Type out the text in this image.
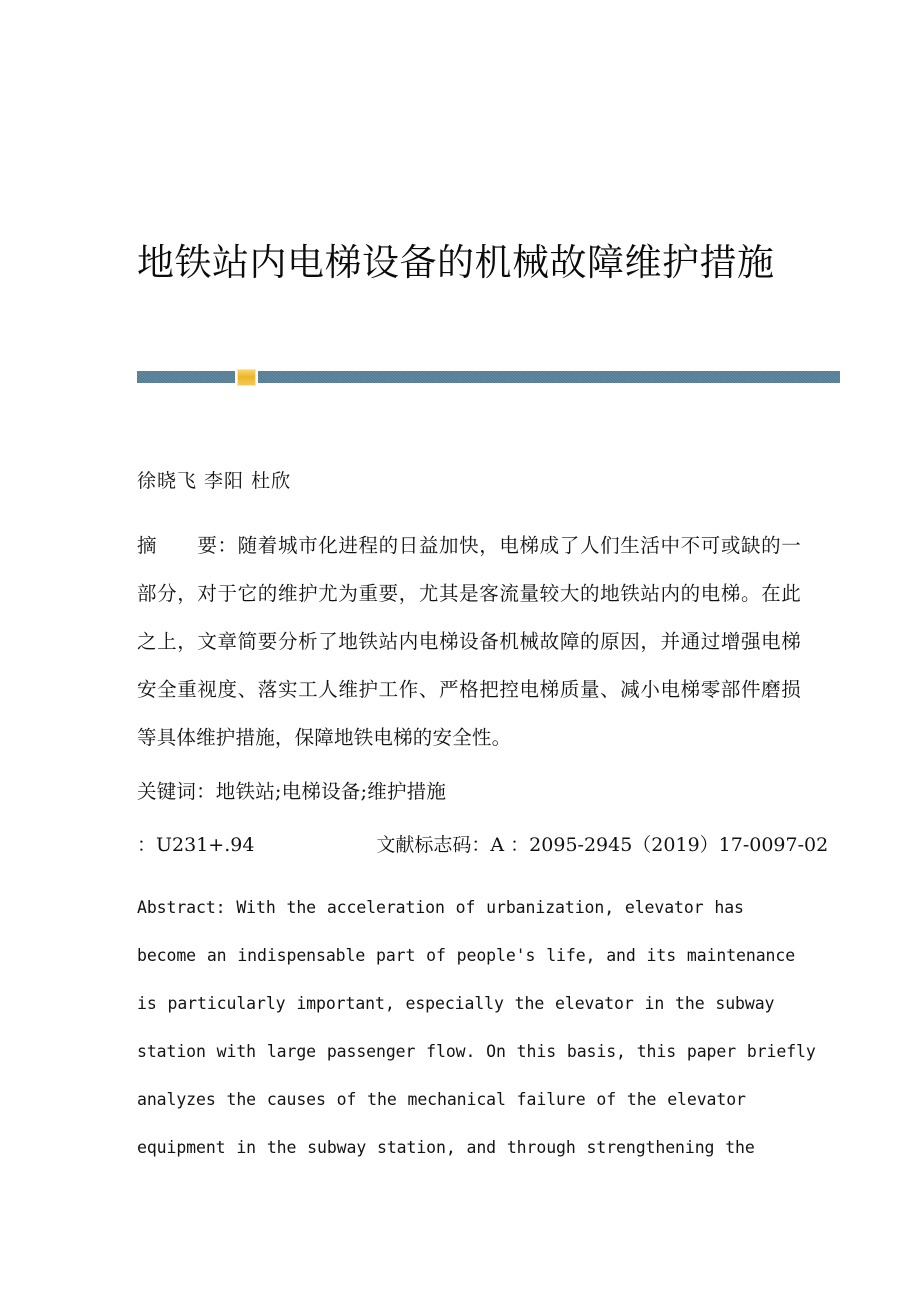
地铁站内电梯设备的机械故障维护措施
徐晓飞 李阳 杜欣
摘　　要：随着城市化进程的日益加快，电梯成了人们生活中不可或缺的一部分，对于它的维护尤为重要，尤其是客流量较大的地铁站内的电梯。在此之上，文章简要分析了地铁站内电梯设备机械故障的原因，并通过增强电梯安全重视度、落实工人维护工作、严格把控电梯质量、减小电梯零部件磨损等具体维护措施，保障地铁电梯的安全性。
关键词：地铁站;电梯设备;维护措施
：U231+.94	文献标志码：A ：2095-2945（2019）17-0097-02
Abstract: With the acceleration of urbanization, elevator has
become an indispensable part of people's life, and its maintenance
is particularly important, especially the elevator in the subway
station with large passenger flow. On this basis, this paper briefly
analyzes the causes of the mechanical failure of the elevator
equipment in the subway station, and through strengthening the
